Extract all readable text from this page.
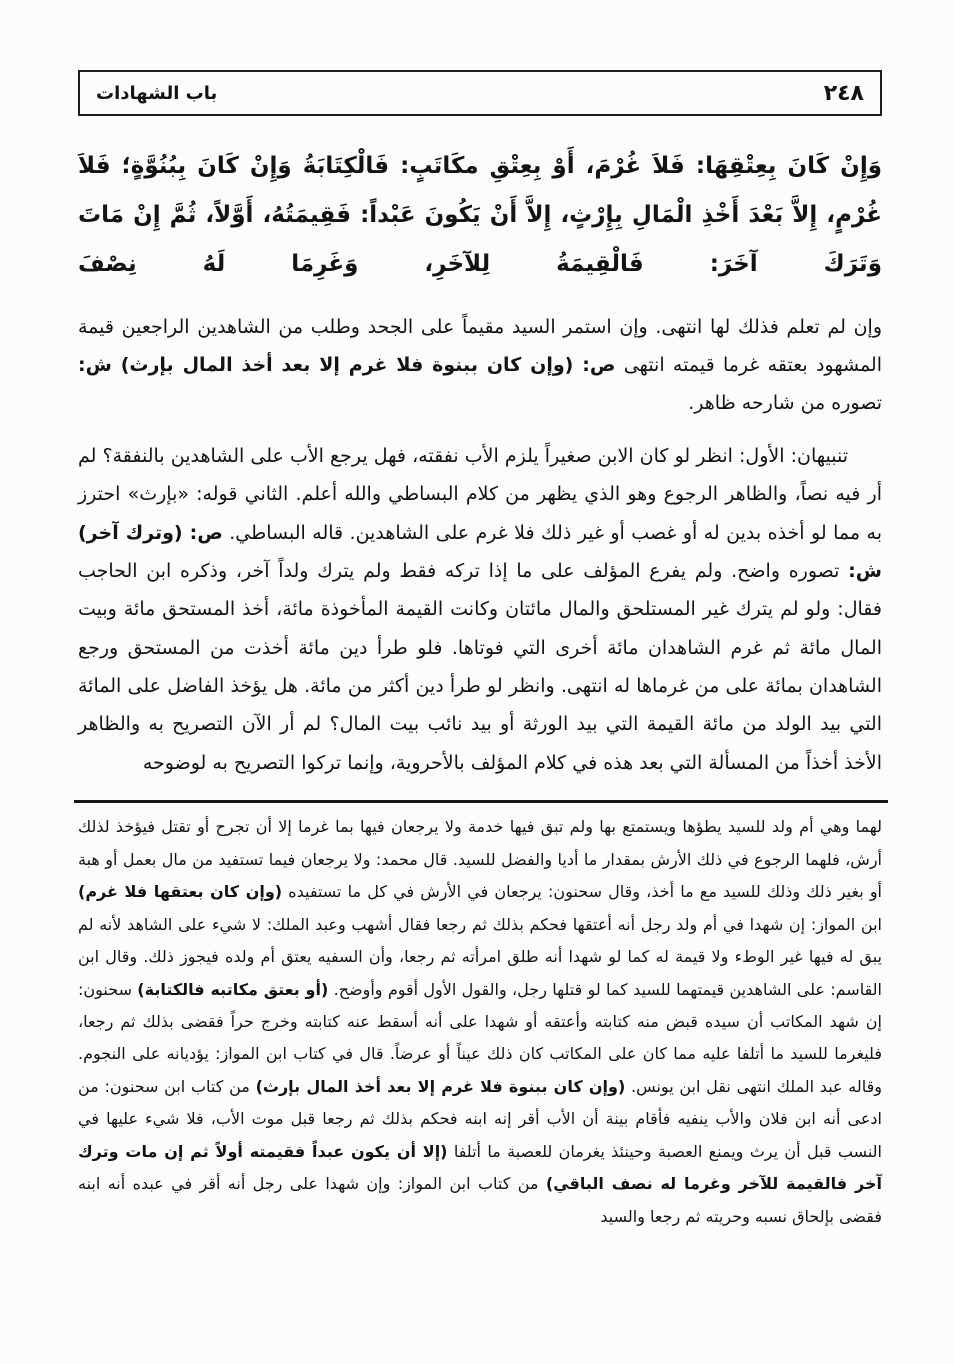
٢٤٨
باب الشهادات

وَإِنْ كَانَ بِعِتْقِهَا: فَلاَ غُرْمَ، أَوْ بِعِتْقِ مكَاتَبٍ: فَالْكِتَابَةُ وَإِنْ كَانَ بِبُنُوَّةٍ؛ فَلاَ غُرْمٍ، إِلاَّ بَعْدَ أَخْذِ الْمَالِ بِإِرْثٍ، إِلاَّ أَنْ يَكُونَ عَبْداً: فَقِيمَتُهُ، أَوَّلاً، ثُمَّ إِنْ مَاتَ وَتَرَكَ آخَرَ: فَالْقِيمَةُ لِلآخَرِ، وَغَرِمَا لَهُ نِصْفَ

وإن لم تعلم فذلك لها انتهى. وإن استمر السيد مقيماً على الجحد وطلب من الشاهدين الراجعين قيمة المشهود بعتقه غرما قيمته انتهى ص: (وإن كان ببنوة فلا غرم إلا بعد أخذ المال بإرث) ش: تصوره من شارحه ظاهر.

تنبيهان: الأول: انظر لو كان الابن صغيراً يلزم الأب نفقته، فهل يرجع الأب على الشاهدين بالنفقة؟ لم أر فيه نصاً، والظاهر الرجوع وهو الذي يظهر من كلام البساطي والله أعلم. الثاني قوله: «بإرث» احترز به مما لو أخذه بدين له أو غصب أو غير ذلك فلا غرم على الشاهدين. قاله البساطي. ص: (وترك آخر) ش: تصوره واضح. ولم يفرع المؤلف على ما إذا تركه فقط ولم يترك ولداً آخر، وذكره ابن الحاجب فقال: ولو لم يترك غير المستلحق والمال مائتان وكانت القيمة المأخوذة مائة، أخذ المستحق مائة وبيت المال مائة ثم غرم الشاهدان مائة أخرى التي فوتاها. فلو طرأ دين مائة أخذت من المستحق ورجع الشاهدان بمائة على من غرماها له انتهى. وانظر لو طرأ دين أكثر من مائة. هل يؤخذ الفاضل على المائة التي بيد الولد من مائة القيمة التي بيد الورثة أو بيد نائب بيت المال؟ لم أر الآن التصريح به والظاهر الأخذ أخذاً من المسألة التي بعد هذه في كلام المؤلف بالأحروية، وإنما تركوا التصريح به لوضوحه

لهما وهي أم ولد للسيد يطؤها ويستمتع بها ولم تبق فيها خدمة ولا يرجعان فيها بما غرما إلا أن تجرح أو تقتل فيؤخذ لذلك أرش، فلهما الرجوع في ذلك الأرش بمقدار ما أديا والفضل للسيد. قال محمد: ولا يرجعان فيما تستفيد من مال بعمل أو هبة أو بغير ذلك وذلك للسيد مع ما أخذ، وقال سحنون: يرجعان في الأرش في كل ما تستفيده (وإن كان بعتقها فلا غرم) ابن المواز: إن شهدا في أم ولد رجل أنه أعتقها فحكم بذلك ثم رجعا فقال أشهب وعبد الملك: لا شيء على الشاهد لأنه لم يبق له فيها غير الوطء ولا قيمة له كما لو شهدا أنه طلق امرأته ثم رجعا، وأن السفيه يعتق أم ولده فيجوز ذلك. وقال ابن القاسم: على الشاهدين قيمتهما للسيد كما لو قتلها رجل، والقول الأول أقوم وأوضح. (أو بعتق مكاتبه فالكتابة) سحنون: إن شهد المكاتب أن سيده قبض منه كتابته وأعتقه أو شهدا على أنه أسقط عنه كتابته وخرج حراً فقضى بذلك ثم رجعا، فليغرما للسيد ما أتلفا عليه مما كان على المكاتب كان ذلك عيناً أو عرضاً. قال في كتاب ابن المواز: يؤديانه على النجوم. وقاله عبد الملك انتهى نقل ابن يونس. (وإن كان ببنوة فلا غرم إلا بعد أخذ المال بإرث) من كتاب ابن سحنون: من ادعى أنه ابن فلان والأب ينفيه فأقام بينة أن الأب أقر إنه ابنه فحكم بذلك ثم رجعا قبل موت الأب، فلا شيء عليها في النسب قبل أن يرث ويمنع العصبة وحينئذ يغرمان للعصبة ما أتلفا (إلا أن يكون عبداً فقيمته أولاً ثم إن مات وترك آخر فالقيمة للآخر وغرما له نصف الباقي) من كتاب ابن المواز: وإن شهدا على رجل أنه أقر في عبده أنه ابنه فقضى بإلحاق نسبه وحريته ثم رجعا والسيد
